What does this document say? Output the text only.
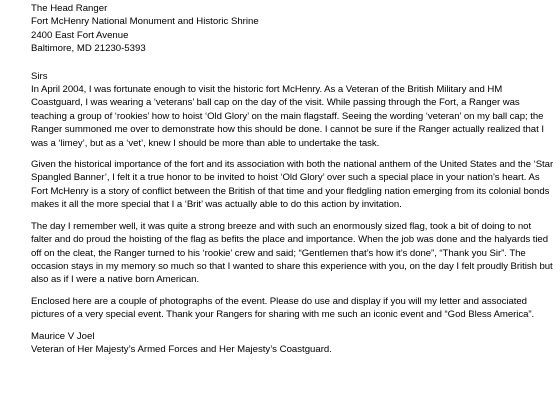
The Head Ranger
Fort McHenry National Monument and Historic Shrine
2400 East Fort Avenue
Baltimore, MD 21230-5393
Sirs

In April 2004, I was fortunate enough to visit the historic fort McHenry. As a Veteran of the British Military and HM Coastguard, I was wearing a ‘veterans’ ball cap on the day of the visit. While passing through the Fort, a Ranger was teaching a group of ‘rookies’ how to hoist ‘Old Glory’ on the main flagstaff. Seeing the wording ‘veteran’ on my ball cap; the Ranger summoned me over to demonstrate how this should be done. I cannot be sure if the Ranger actually realized that I was a ‘limey’, but as a ‘vet’, knew I should be more than able to undertake the task.

Given the historical importance of the fort and its association with both the national anthem of the United States and the ‘Star Spangled Banner’, I felt it a true honor to be invited to hoist ‘Old Glory’ over such a special place in your nation’s heart. As Fort McHenry is a story of conflict between the British of that time and your fledgling nation emerging from its colonial bonds makes it all the more special that I a ‘Brit’ was actually able to do this action by invitation.

The day I remember well, it was quite a strong breeze and with such an enormously sized flag, took a bit of doing to not falter and do proud the hoisting of the flag as befits the place and importance. When the job was done and the halyards tied off on the cleat, the Ranger turned to his ‘rookie’ crew and said; “Gentlemen that’s how it’s done”, “Thank you Sir”. The occasion stays in my memory so much so that I wanted to share this experience with you, on the day I felt proudly British but also as if I were a native born American.

Enclosed here are a couple of photographs of the event. Please do use and display if you will my letter and associated pictures of a very special event. Thank your Rangers for sharing with me such an iconic event and “God Bless America”.

Maurice V Joel
Veteran of Her Majesty’s Armed Forces and Her Majesty’s Coastguard.
